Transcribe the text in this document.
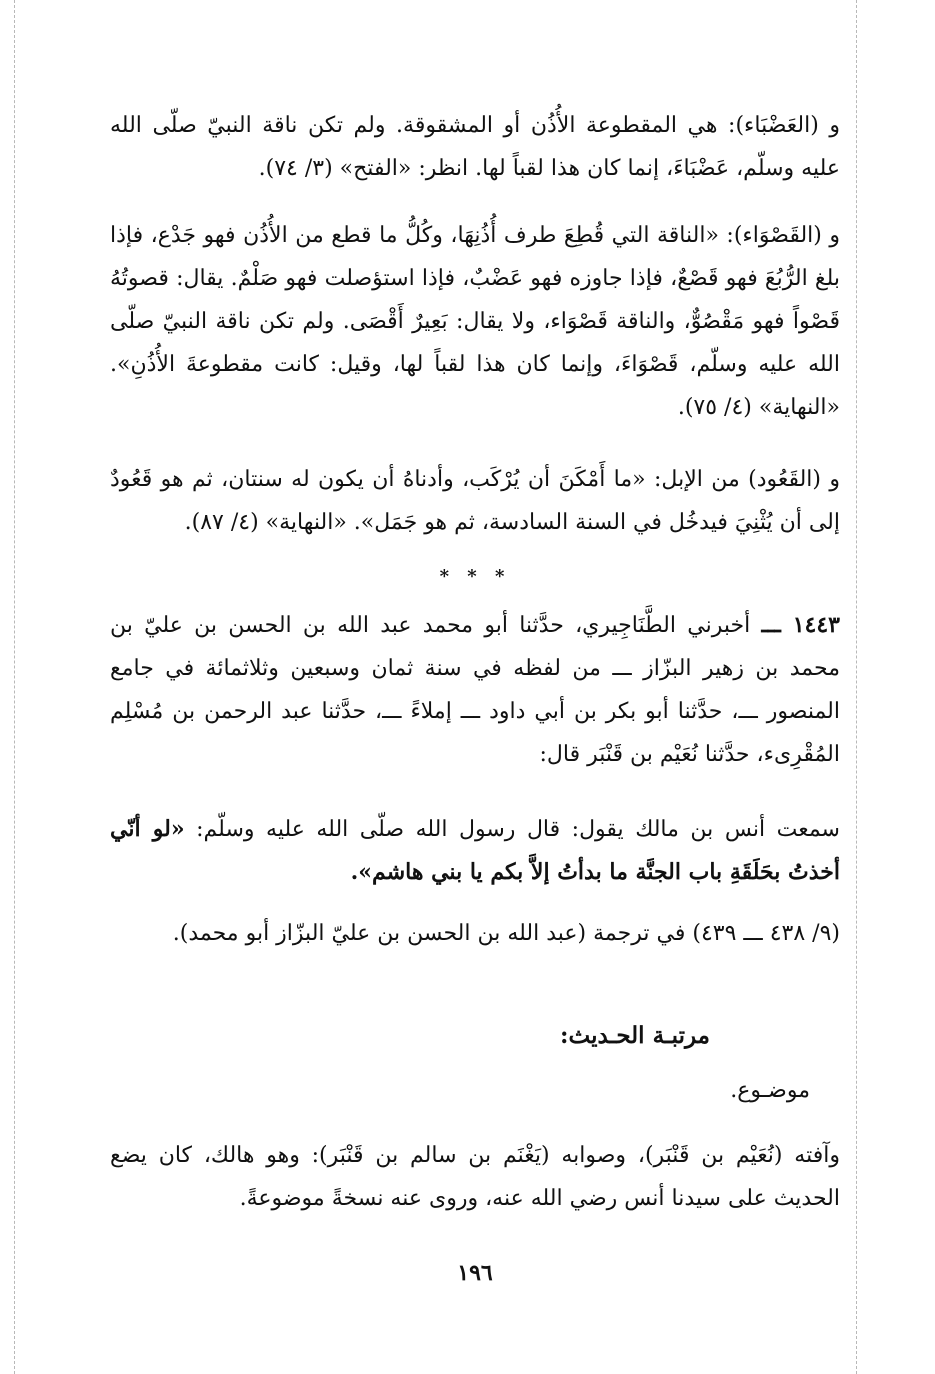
و (العَضْبَاء): هي المقطوعة الأُذُن أو المشقوقة. ولم تكن ناقة النبيّ صلّى الله عليه وسلّم، عَضْبَاءَ، إنما كان هذا لقباً لها. انظر: «الفتح» (٣/ ٧٤).

و (القَصْوَاء): «الناقة التي قُطِعَ طرف أُذُنِهَا، وكُلُّ ما قطع من الأُذُن فهو جَدْع، فإذا بلغ الرُّبُعَ فهو قَصْعٌ، فإذا جاوزه فهو عَضْبٌ، فإذا استؤصلت فهو صَلْمٌ. يقال: قصوتُهُ قَصْواً فهو مَقْصُوٌّ، والناقة قَصْوَاء، ولا يقال: بَعِيرٌ أَقْصَى. ولم تكن ناقة النبيّ صلّى الله عليه وسلّم، قَصْوَاءَ، وإنما كان هذا لقباً لها، وقيل: كانت مقطوعةَ الأُذُنِ». «النهاية» (٤/ ٧٥).

و (القَعُود) من الإبل: «ما أَمْكَنَ أن يُرْكَب، وأدناهُ أن يكون له سنتان، ثم هو قَعُودٌ إلى أن يُثْنِيَ فيدخُل في السنة السادسة، ثم هو جَمَل». «النهاية» (٤/ ٨٧).

* * *

١٤٤٣ ـــ أخبرني الطَّنَاجِيري، حدَّثنا أبو محمد عبد الله بن الحسن بن عليّ بن محمد بن زهير البزّاز ـــ من لفظه في سنة ثمان وسبعين وثلاثمائة في جامع المنصور ـــ، حدَّثنا أبو بكر بن أبي داود ـــ إملاءً ـــ، حدَّثنا عبد الرحمن بن مُسْلِم المُقْرِىء، حدَّثنا نُعَيْم بن قَنْبَر قال:

سمعت أنس بن مالك يقول: قال رسول الله صلّى الله عليه وسلّم: «لو أنّي أخذتُ بحَلَقَةِ باب الجنَّة ما بدأتُ إلاَّ بكم يا بني هاشم».

(٩/ ٤٣٨ ـــ ٤٣٩) في ترجمة (عبد الله بن الحسن بن عليّ البزّاز أبو محمد).

مرتبـة الحـديث:
موضـوع.

وآفته (نُعَيْم بن قَنْبَر)، وصوابه (يَغْنَم بن سالم بن قَنْبَر): وهو هالك، كان يضع الحديث على سيدنا أنس رضي الله عنه، وروى عنه نسخةً موضوعةً.

١٩٦
